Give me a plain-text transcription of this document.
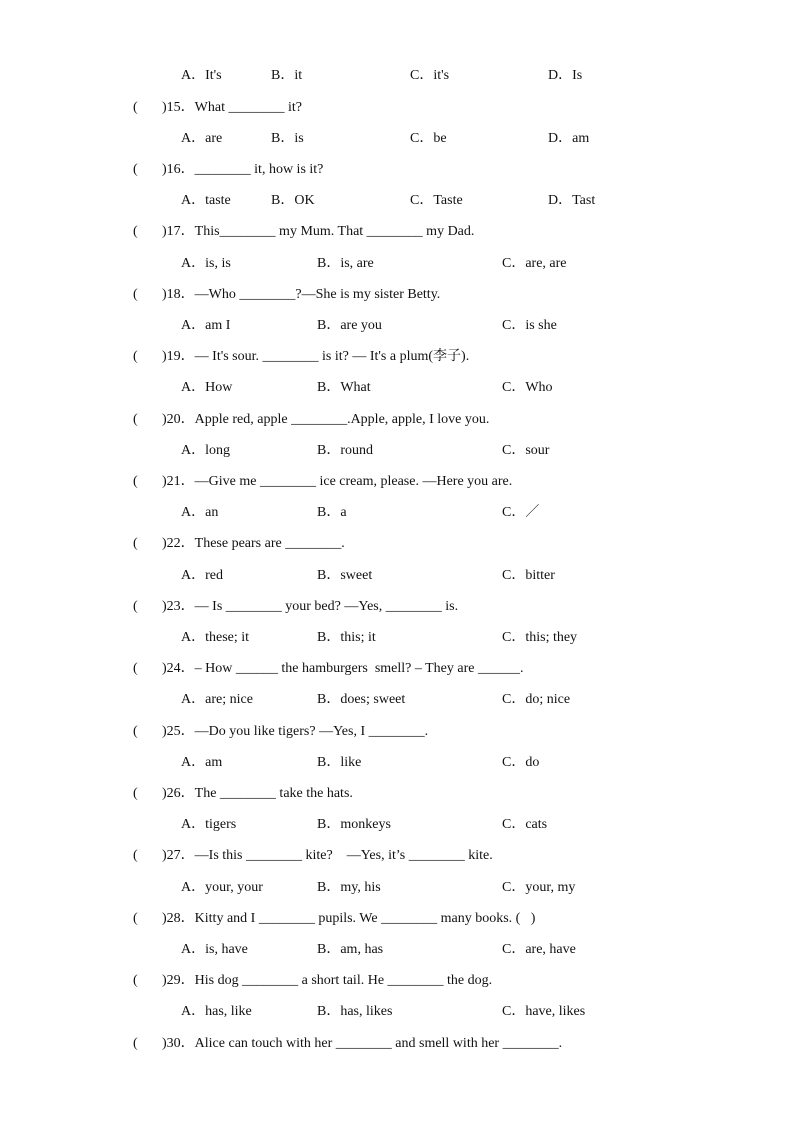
A．It's	B．it	C．it's	D．Is
( )15．What ________ it?
A．are	B．is	C．be	D．am
( )16．________ it, how is it?
A．taste	B．OK	C．Taste	D．Tast
( )17．This________ my Mum. That ________ my Dad.
A．is, is	B．is, are	C．are, are
( )18．—Who ________?—She is my sister Betty.
A．am I	B．are you	C．is she
( )19．— It's sour. ________ is it? — It's a plum(李子).
A．How	B．What	C．Who
( )20．Apple red, apple ________.Apple, apple, I love you.
A．long	B．round	C．sour
( )21．—Give me ________ ice cream, please. —Here you are.
A．an	B．a	C．／
( )22．These pears are ________.
A．red	B．sweet	C．bitter
( )23．— Is ________ your bed? —Yes, ________ is.
A．these; it	B．this; it	C．this; they
( )24．– How ______ the hamburgers  smell? – They are ______.
A．are; nice	B．does; sweet	C．do; nice
( )25．—Do you like tigers? —Yes, I ________.
A．am	B．like	C．do
( )26．The ________ take the hats.
A．tigers	B．monkeys	C．cats
( )27．—Is this ________ kite?    —Yes, it’s ________ kite.
A．your, your	B．my, his	C．your, my
( )28．Kitty and I ________ pupils. We ________ many books. (   )
A．is, have	B．am, has	C．are, have
( )29．His dog ________ a short tail. He ________ the dog.
A．has, like	B．has, likes	C．have, likes
( )30．Alice can touch with her ________ and smell with her ________.
